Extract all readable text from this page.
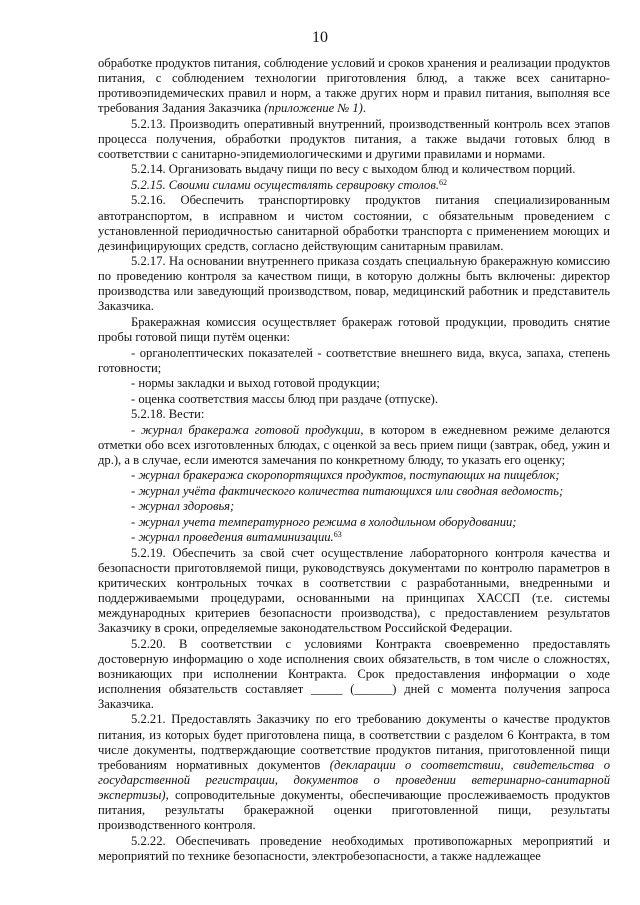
10

обработке продуктов питания, соблюдение условий и сроков хранения и реализации продуктов питания, с соблюдением технологии приготовления блюд, а также всех санитарно-противоэпидемических правил и норм, а также других норм и правил питания, выполняя все требования Задания Заказчика (приложение № 1).

5.2.13. Производить оперативный внутренний, производственный контроль всех этапов процесса получения, обработки продуктов питания, а также выдачи готовых блюд в соответствии с санитарно-эпидемиологическими и другими правилами и нормами.

5.2.14. Организовать выдачу пищи по весу с выходом блюд и количеством порций.

5.2.15. Своими силами осуществлять сервировку столов.$^{62}$

5.2.16. Обеспечить транспортировку продуктов питания специализированным автотранспортом, в исправном и чистом состоянии, с обязательным проведением с установленной периодичностью санитарной обработки транспорта с применением моющих и дезинфицирующих средств, согласно действующим санитарным правилам.

5.2.17. На основании внутреннего приказа создать специальную бракеражную комиссию по проведению контроля за качеством пищи, в которую должны быть включены: директор производства или заведующий производством, повар, медицинский работник и представитель Заказчика.

Бракеражная комиссия осуществляет бракераж готовой продукции, проводить снятие пробы готовой пищи путём оценки:

- органолептических показателей - соответствие внешнего вида, вкуса, запаха, степень готовности;

- нормы закладки и выход готовой продукции;

- оценка соответствия массы блюд при раздаче (отпуске).

5.2.18. Вести:

- журнал бракеража готовой продукции, в котором в ежедневном режиме делаются отметки обо всех изготовленных блюдах, с оценкой за весь прием пищи (завтрак, обед, ужин и др.), а в случае, если имеются замечания по конкретному блюду, то указать его оценку;

- журнал бракеража скоропортящихся продуктов, поступающих на пищеблок;

- журнал учёта фактического количества питающихся или сводная ведомость;

- журнал здоровья;

- журнал учета температурного режима в холодильном оборудовании;

- журнал проведения витаминизации.$^{63}$

5.2.19. Обеспечить за свой счет осуществление лабораторного контроля качества и безопасности приготовляемой пищи, руководствуясь документами по контролю параметров в критических контрольных точках в соответствии с разработанными, внедренными и поддерживаемыми процедурами, основанными на принципах ХАССП (т.е. системы международных критериев безопасности производства), с предоставлением результатов Заказчику в сроки, определяемые законодательством Российской Федерации.

5.2.20. В соответствии с условиями Контракта своевременно предоставлять достоверную информацию о ходе исполнения своих обязательств, в том числе о сложностях, возникающих при исполнении Контракта. Срок предоставления информации о ходе исполнения обязательств составляет _____ (______) дней с момента получения запроса Заказчика.

5.2.21. Предоставлять Заказчику по его требованию документы о качестве продуктов питания, из которых будет приготовлена пища, в соответствии с разделом 6 Контракта, в том числе документы, подтверждающие соответствие продуктов питания, приготовленной пищи требованиям нормативных документов (декларации о соответствии, свидетельства о государственной регистрации, документов о проведении ветеринарно-санитарной экспертизы), сопроводительные документы, обеспечивающие прослеживаемость продуктов питания, результаты бракеражной оценки приготовленной пищи, результаты производственного контроля.

5.2.22. Обеспечивать проведение необходимых противопожарных мероприятий и мероприятий по технике безопасности, электробезопасности, а также надлежащее
